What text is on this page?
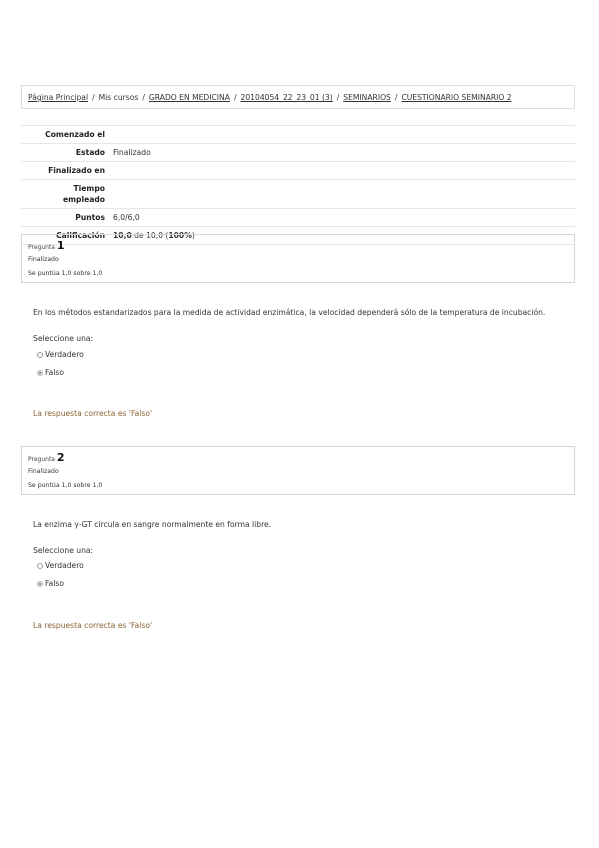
Página Principal / Mis cursos / GRADO EN MEDICINA / 20104054_22_23_01 (3) / SEMINARIOS / CUESTIONARIO SEMINARIO 2
Comenzado el
Estado	Finalizado
Finalizado en
Tiempo
empleado
Puntos	6,0/6,0
Calificación	10,0 de 10,0 (100%)
Pregunta 1
Finalizado
Se puntúa 1,0 sobre 1,0
En los métodos estandarizados para la medida de actividad enzimática, la velocidad dependerá sólo de la temperatura de incubación.
Seleccione una:
Verdadero
Falso
La respuesta correcta es 'Falso'
Pregunta 2
Finalizado
Se puntúa 1,0 sobre 1,0
La enzima γ-GT circula en sangre normalmente en forma libre.
Seleccione una:
Verdadero
Falso
La respuesta correcta es 'Falso'
